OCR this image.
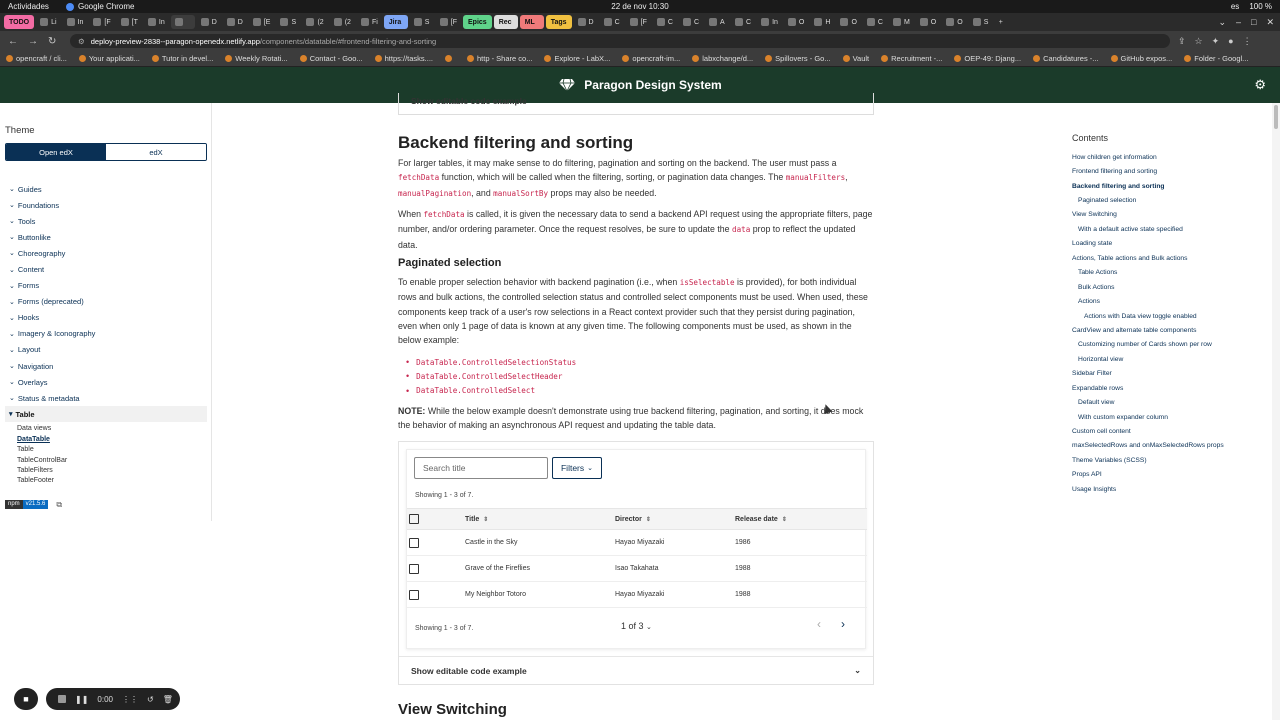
Actividades	Google Chrome	22 de nov 10:30	es 100 %
TODO	Li	In	[F	[T	In	D	D	[E	S	(2	(2	Fi Jira	S	[F Epics Rec ML Tags	D	C	[F	C	C	A	C	In	O	H	O	C	M	O	O	S	+	⌄ – □ ✕
← → ↻	⚙ deploy-preview-2838--paragon-openedx.netlify.app /components/datatable/#frontend-filtering-and-sorting	⇪ ☆ ✦ ● ⋮
opencraft / cli...	Your applicati...	Tutor in devel...	Weekly Rotati...	Contact - Goo...	https://tasks....	http - Share co...	Explore - LabX...	opencraft-im...	labxchange/d...	Spillovers - Go...	Vault	Recruitment -...	OEP-49: Djang...	Candidatures -...	GitHub expos...	Folder - Googl...
Paragon Design System	⚙
Theme
Open edX	edX
⌄ Guides
⌄ Foundations
⌄ Tools
⌄ Buttonlike
⌄ Choreography
⌄ Content
⌄ Forms
⌄ Forms (deprecated)
⌄ Hooks
⌄ Imagery & Iconography
⌄ Layout
⌄ Navigation
⌄ Overlays
⌄ Status & metadata
▾ Table
Data views
DataTable
Table
TableControlBar
TableFilters
TableFooter
npm	v21.5.6	⧉
Show editable code example
Backend filtering and sorting
For larger tables, it may make sense to do filtering, pagination and sorting on the backend. The user must pass a fetchData function, which will be called when the filtering, sorting, or pagination data changes. The manualFilters, manualPagination, and manualSortBy props may also be needed.
When fetchData is called, it is given the necessary data to send a backend API request using the appropriate filters, page number, and/or ordering parameter. Once the request resolves, be sure to update the data prop to reflect the updated data.
Paginated selection
To enable proper selection behavior with backend pagination (i.e., when isSelectable is provided), for both individual rows and bulk actions, the controlled selection status and controlled select components must be used. When used, these components keep track of a user's row selections in a React context provider such that they persist during pagination, even when only 1 page of data is known at any given time. The following components must be used, as shown in the below example:
• DataTable.ControlledSelectionStatus
• DataTable.ControlledSelectHeader
• DataTable.ControlledSelect
NOTE: While the below example doesn't demonstrate using true backend filtering, pagination, and sorting, it does mock the behavior of making an asynchronous API request and updating the table data.
Search title	Filters ⌄
Showing 1 - 3 of 7.
Title ⇕	Director ⇕	Release date ⇕
Castle in the Sky	Hayao Miyazaki	1986
Grave of the Fireflies	Isao Takahata	1988
My Neighbor Totoro	Hayao Miyazaki	1988
Showing 1 - 3 of 7.	1 of 3 ⌄	‹ ›
Show editable code example	⌄
View Switching
Contents
How children get information
Frontend filtering and sorting
Backend filtering and sorting
Paginated selection
View Switching
With a default active state specified
Loading state
Actions, Table actions and Bulk actions
Table Actions
Bulk Actions
Actions
Actions with Data view toggle enabled
CardView and alternate table components
Customizing number of Cards shown per row
Horizontal view
Sidebar Filter
Expandable rows
Default view
With custom expander column
Custom cell content
maxSelectedRows and onMaxSelectedRows props
Theme Variables (SCSS)
Props API
Usage Insights
■	❚❚ 0:00 ⋮⋮ ↺ 🗑
